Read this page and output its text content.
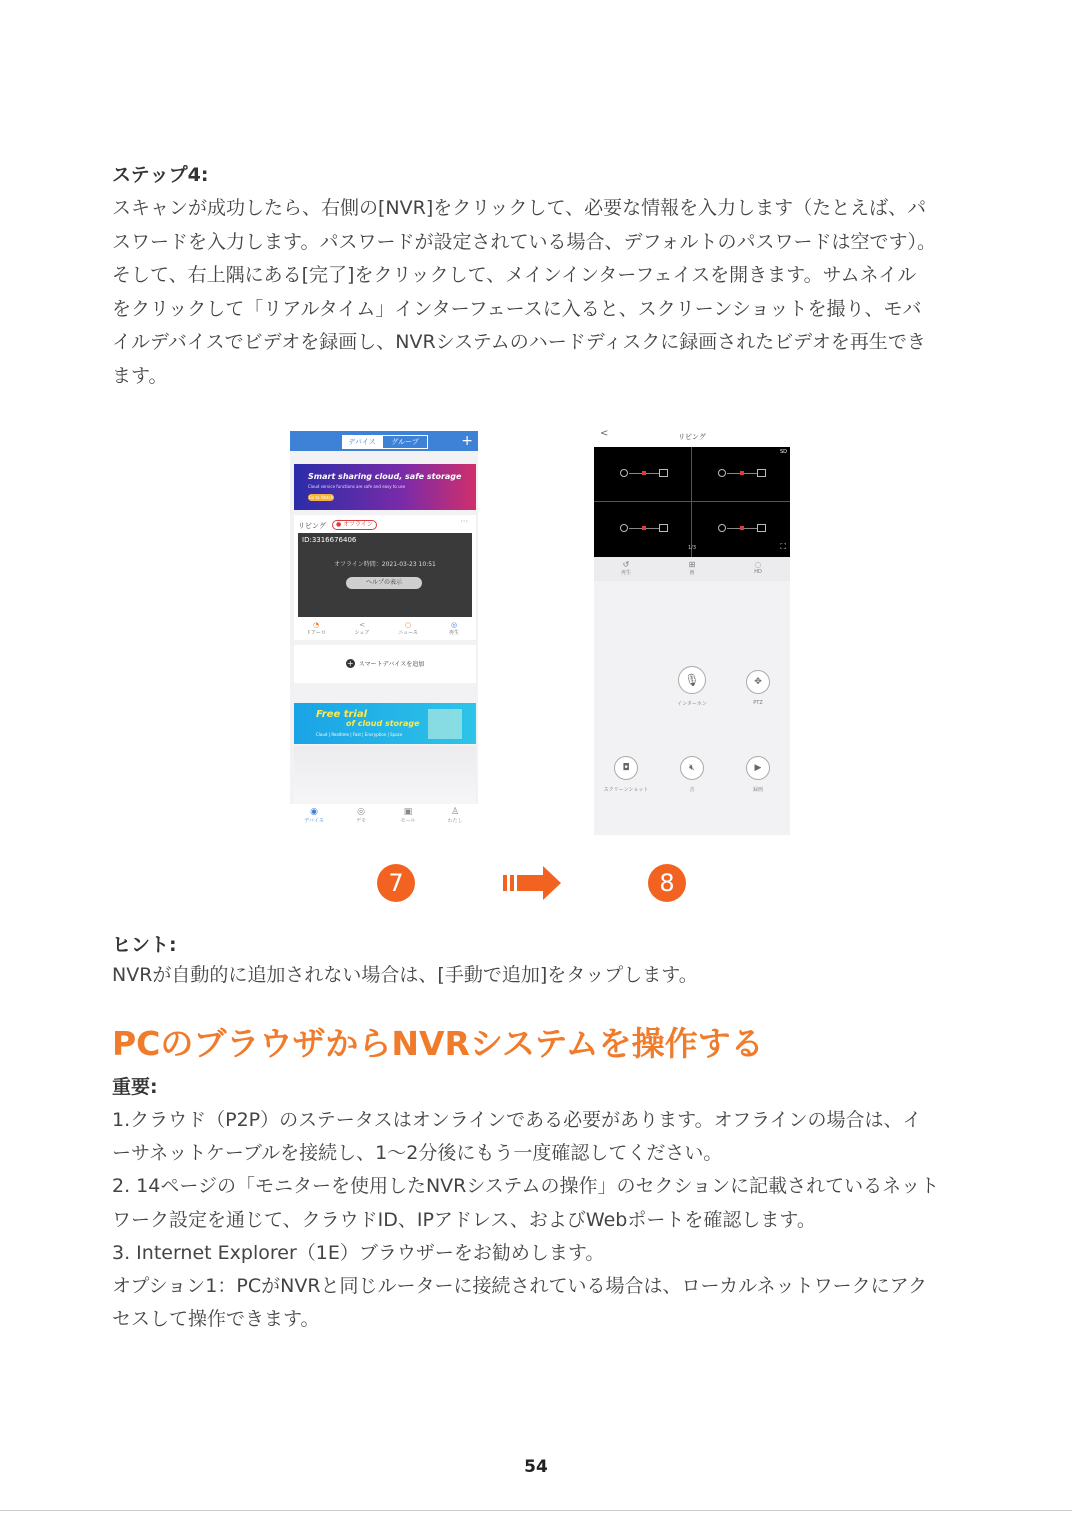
ステップ4:
スキャンが成功したら、右側の[NVR]をクリックして、必要な情報を入力します（たとえば、パ
スワードを入力します。パスワードが設定されている場合、デフォルトのパスワードは空です）。
そして、右上隅にある[完了]をクリックして、メインインターフェイスを開きます。サムネイル
をクリックして「リアルタイム」インターフェースに入ると、スクリーンショットを撮り、モバ
イルデバイスでビデオを録画し、NVRシステムのハードディスクに録画されたビデオを再生でき
ます。
デバイス	グループ	+
Smart sharing cloud, safe storage
Cloud service functions are safe and easy to use
Go to Watch
リビング	● オフライン	···
ID:3316676406
オフライン時間：2021-03-23 10:51
ヘルプの表示
◔
ドアーロ
<
シェア
○
ニュース
◎
再生
+ スマートデバイスを追加
Free trial
of cloud storage
Cloud | Realtime | Fast | Encryption | Space
◉
デバイス
◎
デモ
▣
モール
♙
わたし
<	リビング
SD
1/3	⛶
↺
再生
⊞
画
◌
HD
🎙︎
インターホン
✥
PTZ
◘
スクリーンショット
🔇︎
音
▶
録画
7	8
ヒント:
NVRが自動的に追加されない場合は、[手動で追加]をタップします。
PCのブラウザからNVRシステムを操作する
重要:
1.クラウド（P2P）のステータスはオンラインである必要があります。オフラインの場合は、イ
ーサネットケーブルを接続し、1〜2分後にもう一度確認してください。
2. 14ページの「モニターを使用したNVRシステムの操作」のセクションに記載されているネット
ワーク設定を通じて、クラウドID、IPアドレス、およびWebポートを確認します。
3. Internet Explorer（1E）ブラウザーをお勧めします。
オプション1：PCがNVRと同じルーターに接続されている場合は、ローカルネットワークにアク
セスして操作できます。
54
